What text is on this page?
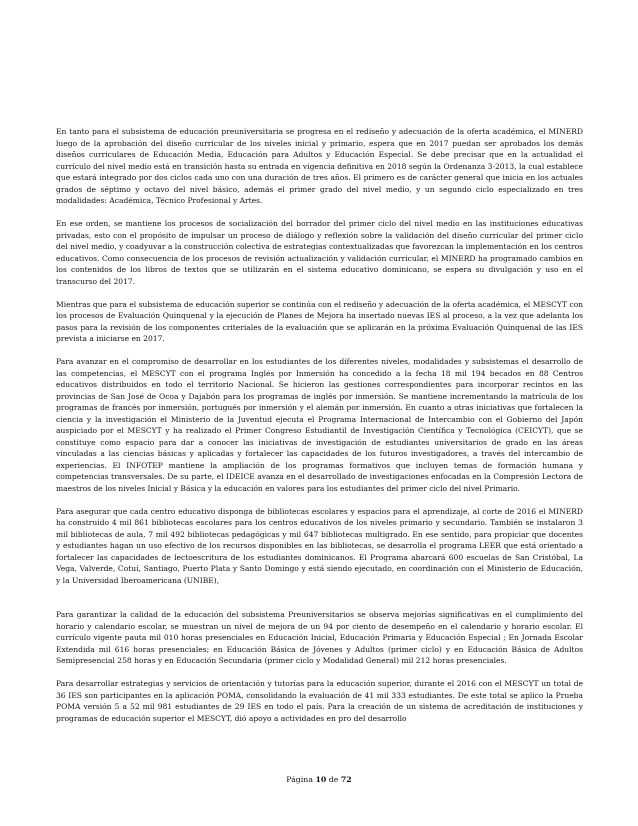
En tanto para el subsistema de educación preuniversitaria se progresa en el rediseño y adecuación de la oferta académica, el MINERD luego de la aprobación del diseño curricular de los niveles inicial y primario, espera que en 2017 puedan ser aprobados los demás diseños curriculares de Educación Media, Educación para Adultos y Educación Especial. Se debe precisar que en la actualidad el currículo del nivel medio está en transición hasta su entrada en vigencia definitiva en 2018 según la Ordenanza 3-2013, la cual establece que estará integrado por dos ciclos cada uno con una duración de tres años. El primero es de carácter general que inicia en los actuales grados de séptimo y octavo del nivel básico, además el primer grado del nivel medio, y un segundo ciclo especializado en tres modalidades: Académica, Técnico Profesional y Artes.

En ese orden, se mantiene los procesos de socialización del borrador del primer ciclo del nivel medio en las instituciones educativas privadas, esto con el propósito de impulsar un proceso de diálogo y reflexión sobre la validación del diseño curricular del primer ciclo del nivel medio, y coadyuvar a la construcción colectiva de estrategias contextualizadas que favorezcan la implementación en los centros educativos. Como consecuencia de los procesos de revisión actualización y validación curricular, el MINERD ha programado cambios en los contenidos de los libros de textos que se utilizarán en el sistema educativo dominicano, se espera su divulgación y uso en el transcurso del 2017.

Mientras que para el subsistema de educación superior se continúa con el rediseño y adecuación de la oferta académica, el MESCYT con los procesos de Evaluación Quinquenal y la ejecución de Planes de Mejora ha insertado nuevas IES al proceso, a la vez que adelanta los pasos para la revisión de los componentes criteriales de la evaluación que se aplicarán en la próxima Evaluación Quinquenal de las IES prevista a iniciarse en 2017.

Para avanzar en el compromiso de desarrollar en los estudiantes de los diferentes niveles, modalidades y subsistemas el desarrollo de las competencias, el MESCYT con el programa Inglés por Inmersión ha concedido a la fecha 18 mil 194 becados en 88 Centros educativos distribuidos en todo el territorio Nacional. Se hicieron las gestiones correspondientes para incorporar recintos en las provincias de San José de Ocoa y Dajabón para los programas de inglés por inmersión. Se mantiene incrementando la matrícula de los programas de francés por inmersión, portugués por inmersión y el alemán por inmersión. En cuanto a otras iniciativas que fortalecen la ciencia y la investigación el Ministerio de la Juventud ejecuta el Programa Internacional de Intercambio con el Gobierno del Japón auspiciado por el MESCYT y ha realizado el Primer Congreso Estudiantil de Investigación Científica y Tecnológica (CEICYT), que se constituye como espacio para dar a conocer las iniciativas de investigación de estudiantes universitarios de grado en las áreas vinculadas a las ciencias básicas y aplicadas y fortalecer las capacidades de los futuros investigadores, a través del intercambio de experiencias. El INFOTEP mantiene la ampliación de los programas formativos que incluyen temas de formación humana y competencias transversales. De su parte, el IDEICE avanza en el desarrollado de investigaciones enfocadas en la Compresión Lectora de maestros de los niveles Inicial y Básica y la educación en valores para los estudiantes del primer ciclo del nivel Primario.

Para asegurar que cada centro educativo disponga de bibliotecas escolares y espacios para el aprendizaje, al corte de 2016 el MINERD ha construido 4 mil 861 bibliotecas escolares para los centros educativos de los niveles primario y secundario. También se instalaron 3 mil bibliotecas de aula, 7 mil 492 bibliotecas pedagógicas y mil 647 bibliotecas multigrado. En ese sentido, para propiciar que docentes y estudiantes hagan un uso efectivo de los recursos disponibles en las bibliotecas, se desarrolla el programa LEER que está orientado a fortalecer las capacidades de lectoescritura de los estudiantes dominicanos. El Programa abarcará 600 escuelas de San Cristóbal, La Vega, Valverde, Cotuí, Santiago, Puerto Plata y Santo Domingo y está siendo ejecutado, en coordinación con el Ministerio de Educación, y la Universidad Iberoamericana (UNIBE),

Para garantizar la calidad de la educación del subsistema Preuniversitarios se observa mejorías significativas en el cumplimiento del horario y calendario escolar, se muestran un nivel de mejora de un 94 por ciento de desempeño en el calendario y horario escolar. El currículo vigente pauta mil 010 horas presenciales en Educación Inicial, Educación Primaria y Educación Especial ; En Jornada Escolar Extendida mil 616 horas presenciales; en Educación Básica de Jóvenes y Adultos (primer ciclo) y en Educación Básica de Adultos Semipresencial 258 horas y en Educación Secundaria (primer ciclo y Modalidad General) mil 212 horas presenciales.

Para desarrollar estrategias y servicios de orientación y tutorías para la educación superior, durante el 2016 con el MESCYT un total de 36 IES son participantes en la aplicación POMA, consolidando la evaluación de 41 mil 333 estudiantes. De este total se aplico la Prueba POMA versión 5 a 52 mil 981 estudiantes de 29 IES en todo el país. Para la creación de un sistema de acreditación de instituciones y programas de educación superior el MESCYT, dió apoyo a actividades en pro del desarrollo

Página 10 de 72
